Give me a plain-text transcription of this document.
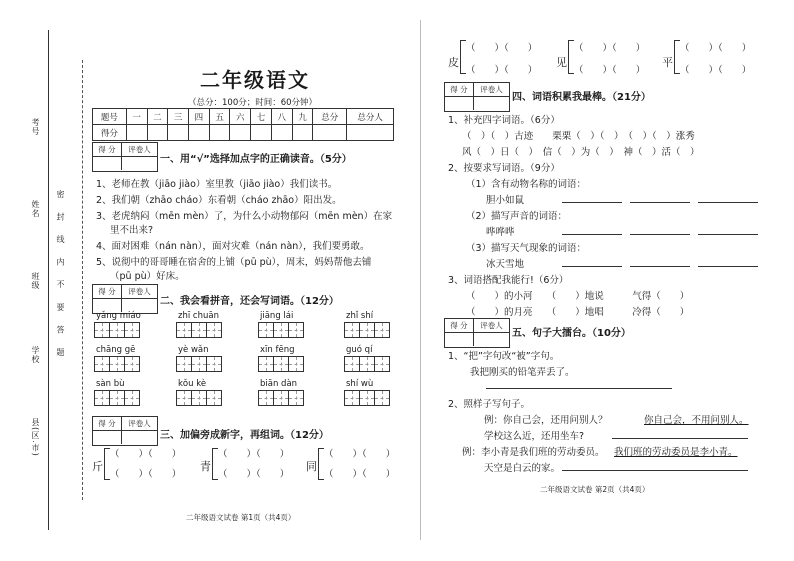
考号
姓名
班级
学校
县(区.市)
密 封 线 内 不 要 答 题
二年级语文
（总分：100分；时间：60分钟）
题号	一	二	三	四	五	六	七	八	九	总分	总分人
得分											
得 分	评卷人
一、用“√”选择加点字的正确读音。（5分）
1、老师在教（jiāo jiào）室里教（jiāo jiào）我们读书。
2、我们朝（zhāo cháo）东看朝（cháo zhāo）阳出发。
3、老虎纳闷（mēn mèn）了，为什么小动物郁闷（mēn mèn）在家
里不出来?
4、面对困难（nán nàn），面对灾难（nán nàn），我们要勇敢。
5、说彻中的哥哥睡在宿舍的上铺（pū pù），周末，妈妈帮他去铺
（pū pù）好床。
得 分	评卷人
二、我会看拼音，还会写词语。（12分）
yǎng miáo	zhī chuān	jiāng lái	zhǐ shí
chāng gē	yè wǎn	xīn fēng	guó qí
sàn bù	kǒu kè	biān dàn	shí wù
得 分	评卷人
三、加偏旁成新字，再组词。（12分）
斤
（　　）（　　）
（　　）（　　）
青
（　　）（　　）
（　　）（　　）
同
（　　）（　　）
（　　）（　　）
二年级语文试卷 第1页（共4页）
皮
（　　）（　　）
（　　）（　　）
见
（　　）（　　）
（　　）（　　）
平
（　　）（　　）
（　　）（　　）
得 分	评卷人
四、词语积累我最棒。（21分）
1、补充四字词语。（6分）
（　）（　）古迹　　栗栗（　）（　）　（　）（　）涨秀
风（　）日（　）　信（　）为（　）　神（　）活（　）
2、按要求写词语。（9分）
（1）含有动物名称的词语：
胆小如鼠
（2）描写声音的词语：
哗哗哗
（3）描写天气现象的词语：
冰天雪地
3、词语搭配我能行!（6分）
（　　）的小河　　（　　）地说　　　气得（　　）
（　　）的月亮　　（　　）地唱　　　冷得（　　）
得 分	评卷人
五、句子大擂台。（10分）
1、“把”字句改“被”字句。
我把刚买的铅笔弄丢了。
2、照样子写句子。
例：你自己会，还用问别人？	你自己会，不用问别人。
学校这么近，还用坐车?
例：李小青是我们班的劳动委员。 我们班的劳动委员是李小青。
天空是白云的家。
二年级语文试卷 第2页（共4页）
